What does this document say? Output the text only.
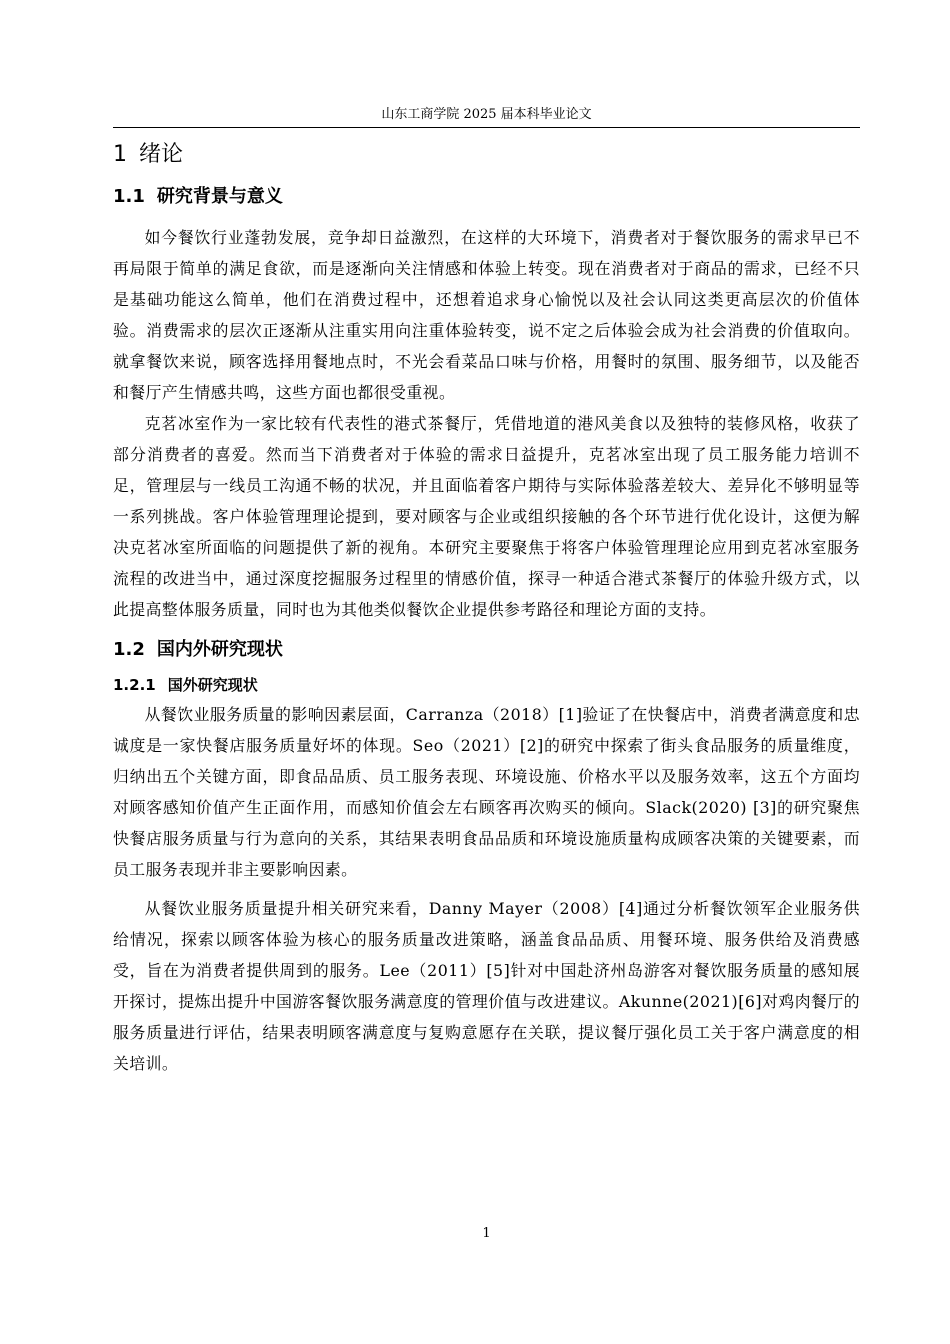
山东工商学院 2025 届本科毕业论文
1 绪论
1.1 研究背景与意义

如今餐饮行业蓬勃发展，竞争却日益激烈，在这样的大环境下，消费者对于餐饮服务的需求早已不再局限于简单的满足食欲，而是逐渐向关注情感和体验上转变。现在消费者对于商品的需求，已经不只是基础功能这么简单，他们在消费过程中，还想着追求身心愉悦以及社会认同这类更高层次的价值体验。消费需求的层次正逐渐从注重实用向注重体验转变，说不定之后体验会成为社会消费的价值取向。就拿餐饮来说，顾客选择用餐地点时，不光会看菜品口味与价格，用餐时的氛围、服务细节，以及能否和餐厅产生情感共鸣，这些方面也都很受重视。

克茗冰室作为一家比较有代表性的港式茶餐厅，凭借地道的港风美食以及独特的装修风格，收获了部分消费者的喜爱。然而当下消费者对于体验的需求日益提升，克茗冰室出现了员工服务能力培训不足，管理层与一线员工沟通不畅的状况，并且面临着客户期待与实际体验落差较大、差异化不够明显等一系列挑战。客户体验管理理论提到，要对顾客与企业或组织接触的各个环节进行优化设计，这便为解决克茗冰室所面临的问题提供了新的视角。本研究主要聚焦于将客户体验管理理论应用到克茗冰室服务流程的改进当中，通过深度挖掘服务过程里的情感价值，探寻一种适合港式茶餐厅的体验升级方式，以此提高整体服务质量，同时也为其他类似餐饮企业提供参考路径和理论方面的支持。

1.2 国内外研究现状
1.2.1 国外研究现状

从餐饮业服务质量的影响因素层面，Carranza（2018）[1]验证了在快餐店中，消费者满意度和忠诚度是一家快餐店服务质量好坏的体现。Seo（2021）[2]的研究中探索了街头食品服务的质量维度，归纳出五个关键方面，即食品品质、员工服务表现、环境设施、价格水平以及服务效率，这五个方面均对顾客感知价值产生正面作用，而感知价值会左右顾客再次购买的倾向。Slack(2020) [3]的研究聚焦快餐店服务质量与行为意向的关系，其结果表明食品品质和环境设施质量构成顾客决策的关键要素，而员工服务表现并非主要影响因素。

从餐饮业服务质量提升相关研究来看，Danny Mayer（2008）[4]通过分析餐饮领军企业服务供给情况，探索以顾客体验为核心的服务质量改进策略，涵盖食品品质、用餐环境、服务供给及消费感受，旨在为消费者提供周到的服务。Lee（2011）[5]针对中国赴济州岛游客对餐饮服务质量的感知展开探讨，提炼出提升中国游客餐饮服务满意度的管理价值与改进建议。Akunne(2021)[6]对鸡肉餐厅的服务质量进行评估，结果表明顾客满意度与复购意愿存在关联，提议餐厅强化员工关于客户满意度的相关培训。

1
